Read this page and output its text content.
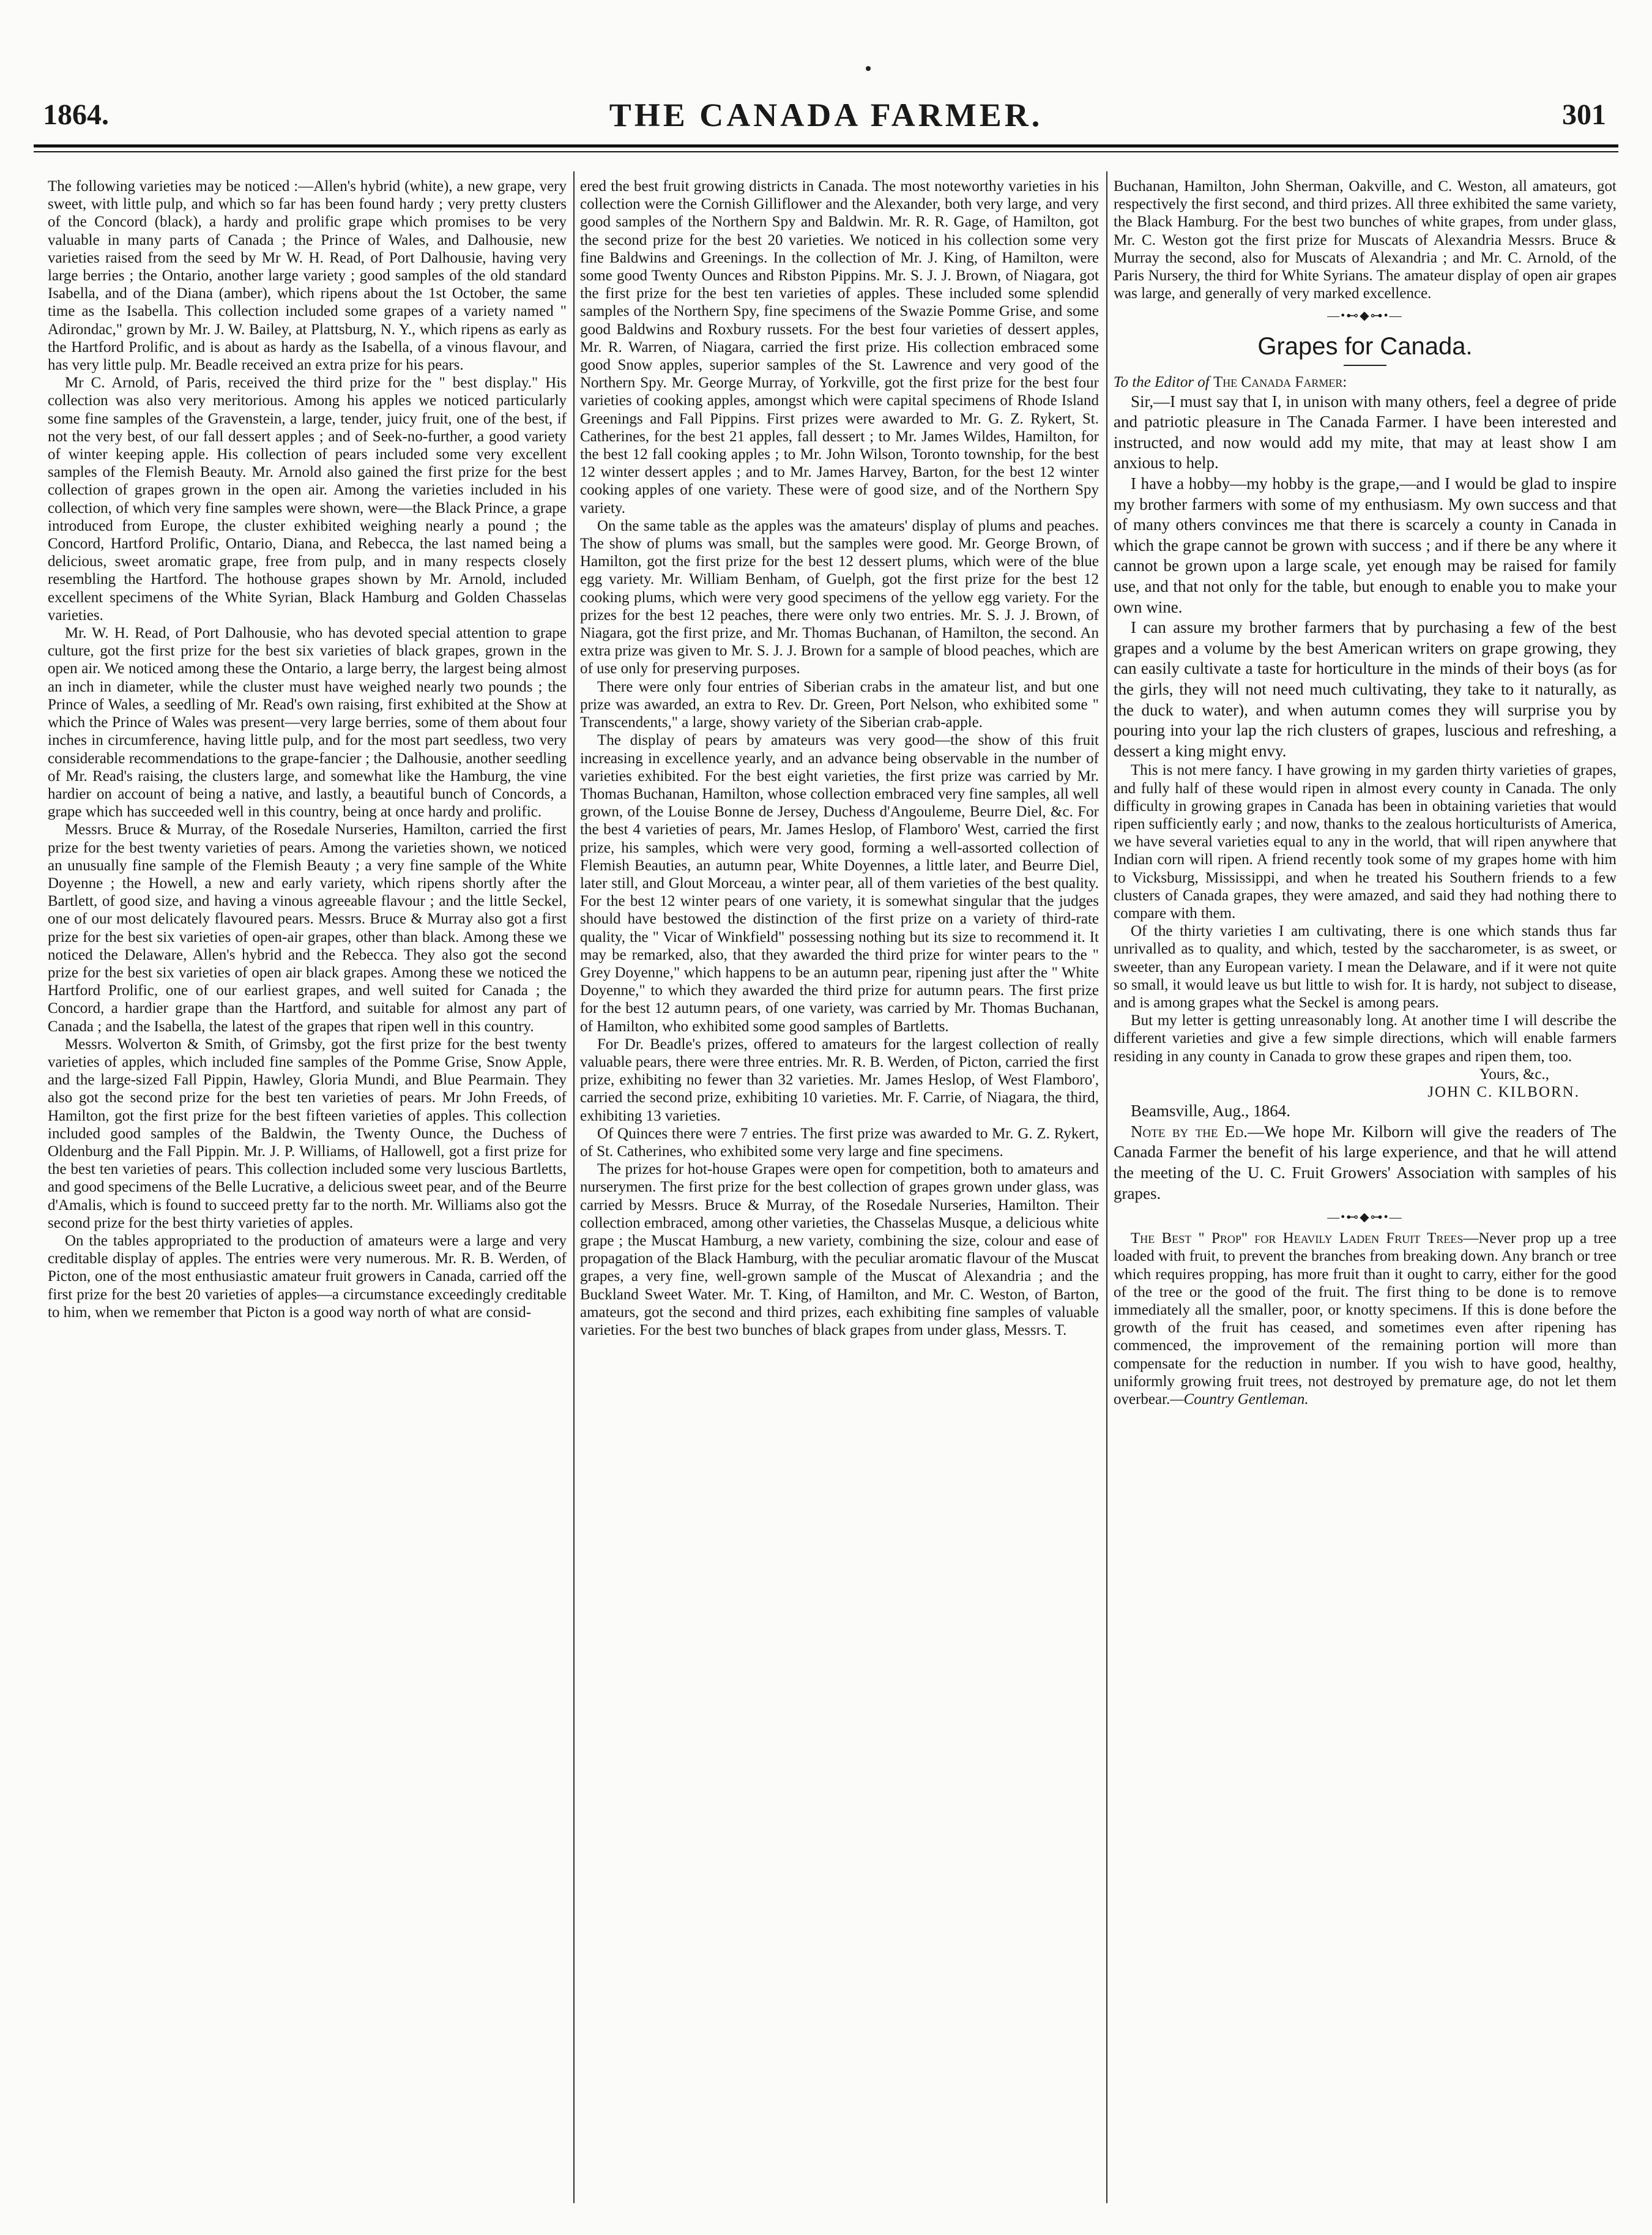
1864.	THE CANADA FARMER.	301

The following varieties may be noticed :—Allen's hybrid (white), a new grape, very sweet, with little pulp, and which so far has been found hardy ; very pretty clusters of the Concord (black), a hardy and prolific grape which promises to be very valuable in many parts of Canada ; the Prince of Wales, and Dalhousie, new varieties raised from the seed by Mr W. H. Read, of Port Dalhousie, having very large berries ; the Ontario, another large variety ; good samples of the old standard Isabella, and of the Diana (amber), which ripens about the 1st October, the same time as the Isabella. This collection included some grapes of a variety named " Adirondac," grown by Mr. J. W. Bailey, at Plattsburg, N. Y., which ripens as early as the Hartford Prolific, and is about as hardy as the Isabella, of a vinous flavour, and has very little pulp. Mr. Beadle received an extra prize for his pears.

Mr C. Arnold, of Paris, received the third prize for the " best display." His collection was also very meritorious. Among his apples we noticed particularly some fine samples of the Gravenstein, a large, tender, juicy fruit, one of the best, if not the very best, of our fall dessert apples ; and of Seek-no-further, a good variety of winter keeping apple. His collection of pears included some very excellent samples of the Flemish Beauty. Mr. Arnold also gained the first prize for the best collection of grapes grown in the open air. Among the varieties included in his collection, of which very fine samples were shown, were—the Black Prince, a grape introduced from Europe, the cluster exhibited weighing nearly a pound ; the Concord, Hartford Prolific, Ontario, Diana, and Rebecca, the last named being a delicious, sweet aromatic grape, free from pulp, and in many respects closely resembling the Hartford. The hothouse grapes shown by Mr. Arnold, included excellent specimens of the White Syrian, Black Hamburg and Golden Chasselas varieties.

Mr. W. H. Read, of Port Dalhousie, who has devoted special attention to grape culture, got the first prize for the best six varieties of black grapes, grown in the open air. We noticed among these the Ontario, a large berry, the largest being almost an inch in diameter, while the cluster must have weighed nearly two pounds ; the Prince of Wales, a seedling of Mr. Read's own raising, first exhibited at the Show at which the Prince of Wales was present—very large berries, some of them about four inches in circumference, having little pulp, and for the most part seedless, two very considerable recommendations to the grape-fancier ; the Dalhousie, another seedling of Mr. Read's raising, the clusters large, and somewhat like the Hamburg, the vine hardier on account of being a native, and lastly, a beautiful bunch of Concords, a grape which has succeeded well in this country, being at once hardy and prolific.

Messrs. Bruce & Murray, of the Rosedale Nurseries, Hamilton, carried the first prize for the best twenty varieties of pears. Among the varieties shown, we noticed an unusually fine sample of the Flemish Beauty ; a very fine sample of the White Doyenne ; the Howell, a new and early variety, which ripens shortly after the Bartlett, of good size, and having a vinous agreeable flavour ; and the little Seckel, one of our most delicately flavoured pears. Messrs. Bruce & Murray also got a first prize for the best six varieties of open-air grapes, other than black. Among these we noticed the Delaware, Allen's hybrid and the Rebecca. They also got the second prize for the best six varieties of open air black grapes. Among these we noticed the Hartford Prolific, one of our earliest grapes, and well suited for Canada ; the Concord, a hardier grape than the Hartford, and suitable for almost any part of Canada ; and the Isabella, the latest of the grapes that ripen well in this country.

Messrs. Wolverton & Smith, of Grimsby, got the first prize for the best twenty varieties of apples, which included fine samples of the Pomme Grise, Snow Apple, and the large-sized Fall Pippin, Hawley, Gloria Mundi, and Blue Pearmain. They also got the second prize for the best ten varieties of pears. Mr John Freeds, of Hamilton, got the first prize for the best fifteen varieties of apples. This collection included good samples of the Baldwin, the Twenty Ounce, the Duchess of Oldenburg and the Fall Pippin. Mr. J. P. Williams, of Hallowell, got a first prize for the best ten varieties of pears. This collection included some very luscious Bartletts, and good specimens of the Belle Lucrative, a delicious sweet pear, and of the Beurre d'Amalis, which is found to succeed pretty far to the north. Mr. Williams also got the second prize for the best thirty varieties of apples.

On the tables appropriated to the production of amateurs were a large and very creditable display of apples. The entries were very numerous. Mr. R. B. Werden, of Picton, one of the most enthusiastic amateur fruit growers in Canada, carried off the first prize for the best 20 varieties of apples—a circumstance exceedingly creditable to him, when we remember that Picton is a good way north of what are consid-

ered the best fruit growing districts in Canada. The most noteworthy varieties in his collection were the Cornish Gilliflower and the Alexander, both very large, and very good samples of the Northern Spy and Baldwin. Mr. R. R. Gage, of Hamilton, got the second prize for the best 20 varieties. We noticed in his collection some very fine Baldwins and Greenings. In the collection of Mr. J. King, of Hamilton, were some good Twenty Ounces and Ribston Pippins. Mr. S. J. J. Brown, of Niagara, got the first prize for the best ten varieties of apples. These included some splendid samples of the Northern Spy, fine specimens of the Swazie Pomme Grise, and some good Baldwins and Roxbury russets. For the best four varieties of dessert apples, Mr. R. Warren, of Niagara, carried the first prize. His collection embraced some good Snow apples, superior samples of the St. Lawrence and very good of the Northern Spy. Mr. George Murray, of Yorkville, got the first prize for the best four varieties of cooking apples, amongst which were capital specimens of Rhode Island Greenings and Fall Pippins. First prizes were awarded to Mr. G. Z. Rykert, St. Catherines, for the best 21 apples, fall dessert ; to Mr. James Wildes, Hamilton, for the best 12 fall cooking apples ; to Mr. John Wilson, Toronto township, for the best 12 winter dessert apples ; and to Mr. James Harvey, Barton, for the best 12 winter cooking apples of one variety. These were of good size, and of the Northern Spy variety.

On the same table as the apples was the amateurs' display of plums and peaches. The show of plums was small, but the samples were good. Mr. George Brown, of Hamilton, got the first prize for the best 12 dessert plums, which were of the blue egg variety. Mr. William Benham, of Guelph, got the first prize for the best 12 cooking plums, which were very good specimens of the yellow egg variety. For the prizes for the best 12 peaches, there were only two entries. Mr. S. J. J. Brown, of Niagara, got the first prize, and Mr. Thomas Buchanan, of Hamilton, the second. An extra prize was given to Mr. S. J. J. Brown for a sample of blood peaches, which are of use only for preserving purposes.

There were only four entries of Siberian crabs in the amateur list, and but one prize was awarded, an extra to Rev. Dr. Green, Port Nelson, who exhibited some " Transcendents," a large, showy variety of the Siberian crab-apple.

The display of pears by amateurs was very good—the show of this fruit increasing in excellence yearly, and an advance being observable in the number of varieties exhibited. For the best eight varieties, the first prize was carried by Mr. Thomas Buchanan, Hamilton, whose collection embraced very fine samples, all well grown, of the Louise Bonne de Jersey, Duchess d'Angouleme, Beurre Diel, &c. For the best 4 varieties of pears, Mr. James Heslop, of Flamboro' West, carried the first prize, his samples, which were very good, forming a well-assorted collection of Flemish Beauties, an autumn pear, White Doyennes, a little later, and Beurre Diel, later still, and Glout Morceau, a winter pear, all of them varieties of the best quality. For the best 12 winter pears of one variety, it is somewhat singular that the judges should have bestowed the distinction of the first prize on a variety of third-rate quality, the " Vicar of Winkfield" possessing nothing but its size to recommend it. It may be remarked, also, that they awarded the third prize for winter pears to the " Grey Doyenne," which happens to be an autumn pear, ripening just after the " White Doyenne," to which they awarded the third prize for autumn pears. The first prize for the best 12 autumn pears, of one variety, was carried by Mr. Thomas Buchanan, of Hamilton, who exhibited some good samples of Bartletts.

For Dr. Beadle's prizes, offered to amateurs for the largest collection of really valuable pears, there were three entries. Mr. R. B. Werden, of Picton, carried the first prize, exhibiting no fewer than 32 varieties. Mr. James Heslop, of West Flamboro', carried the second prize, exhibiting 10 varieties. Mr. F. Carrie, of Niagara, the third, exhibiting 13 varieties.

Of Quinces there were 7 entries. The first prize was awarded to Mr. G. Z. Rykert, of St. Catherines, who exhibited some very large and fine specimens.

The prizes for hot-house Grapes were open for competition, both to amateurs and nurserymen. The first prize for the best collection of grapes grown under glass, was carried by Messrs. Bruce & Murray, of the Rosedale Nurseries, Hamilton. Their collection embraced, among other varieties, the Chasselas Musque, a delicious white grape ; the Muscat Hamburg, a new variety, combining the size, colour and ease of propagation of the Black Hamburg, with the peculiar aromatic flavour of the Muscat grapes, a very fine, well-grown sample of the Muscat of Alexandria ; and the Buckland Sweet Water. Mr. T. King, of Hamilton, and Mr. C. Weston, of Barton, amateurs, got the second and third prizes, each exhibiting fine samples of valuable varieties. For the best two bunches of black grapes from under glass, Messrs. T.

Buchanan, Hamilton, John Sherman, Oakville, and C. Weston, all amateurs, got respectively the first second, and third prizes. All three exhibited the same variety, the Black Hamburg. For the best two bunches of white grapes, from under glass, Mr. C. Weston got the first prize for Muscats of Alexandria Messrs. Bruce & Murray the second, also for Muscats of Alexandria ; and Mr. C. Arnold, of the Paris Nursery, the third for White Syrians. The amateur display of open air grapes was large, and generally of very marked excellence.

—•⊷◆⊶•—
Grapes for Canada.

To the Editor of The Canada Farmer:

Sir,—I must say that I, in unison with many others, feel a degree of pride and patriotic pleasure in The Canada Farmer. I have been interested and instructed, and now would add my mite, that may at least show I am anxious to help.

I have a hobby—my hobby is the grape,—and I would be glad to inspire my brother farmers with some of my enthusiasm. My own success and that of many others convinces me that there is scarcely a county in Canada in which the grape cannot be grown with success ; and if there be any where it cannot be grown upon a large scale, yet enough may be raised for family use, and that not only for the table, but enough to enable you to make your own wine.

I can assure my brother farmers that by purchasing a few of the best grapes and a volume by the best American writers on grape growing, they can easily cultivate a taste for horticulture in the minds of their boys (as for the girls, they will not need much cultivating, they take to it naturally, as the duck to water), and when autumn comes they will surprise you by pouring into your lap the rich clusters of grapes, luscious and refreshing, a dessert a king might envy.

This is not mere fancy. I have growing in my garden thirty varieties of grapes, and fully half of these would ripen in almost every county in Canada. The only difficulty in growing grapes in Canada has been in obtaining varieties that would ripen sufficiently early ; and now, thanks to the zealous horticulturists of America, we have several varieties equal to any in the world, that will ripen anywhere that Indian corn will ripen. A friend recently took some of my grapes home with him to Vicksburg, Mississippi, and when he treated his Southern friends to a few clusters of Canada grapes, they were amazed, and said they had nothing there to compare with them.

Of the thirty varieties I am cultivating, there is one which stands thus far unrivalled as to quality, and which, tested by the saccharometer, is as sweet, or sweeter, than any European variety. I mean the Delaware, and if it were not quite so small, it would leave us but little to wish for. It is hardy, not subject to disease, and is among grapes what the Seckel is among pears.

But my letter is getting unreasonably long. At another time I will describe the different varieties and give a few simple directions, which will enable farmers residing in any county in Canada to grow these grapes and ripen them, too.

Yours, &c.,

JOHN C. KILBORN.

Beamsville, Aug., 1864.

Note by the Ed.—We hope Mr. Kilborn will give the readers of The Canada Farmer the benefit of his large experience, and that he will attend the meeting of the U. C. Fruit Growers' Association with samples of his grapes.

—•⊷◆⊶•—

The Best " Prop" for Heavily Laden Fruit Trees—Never prop up a tree loaded with fruit, to prevent the branches from breaking down. Any branch or tree which requires propping, has more fruit than it ought to carry, either for the good of the tree or the good of the fruit. The first thing to be done is to remove immediately all the smaller, poor, or knotty specimens. If this is done before the growth of the fruit has ceased, and sometimes even after ripening has commenced, the improvement of the remaining portion will more than compensate for the reduction in number. If you wish to have good, healthy, uniformly growing fruit trees, not destroyed by premature age, do not let them overbear.—Country Gentleman.
